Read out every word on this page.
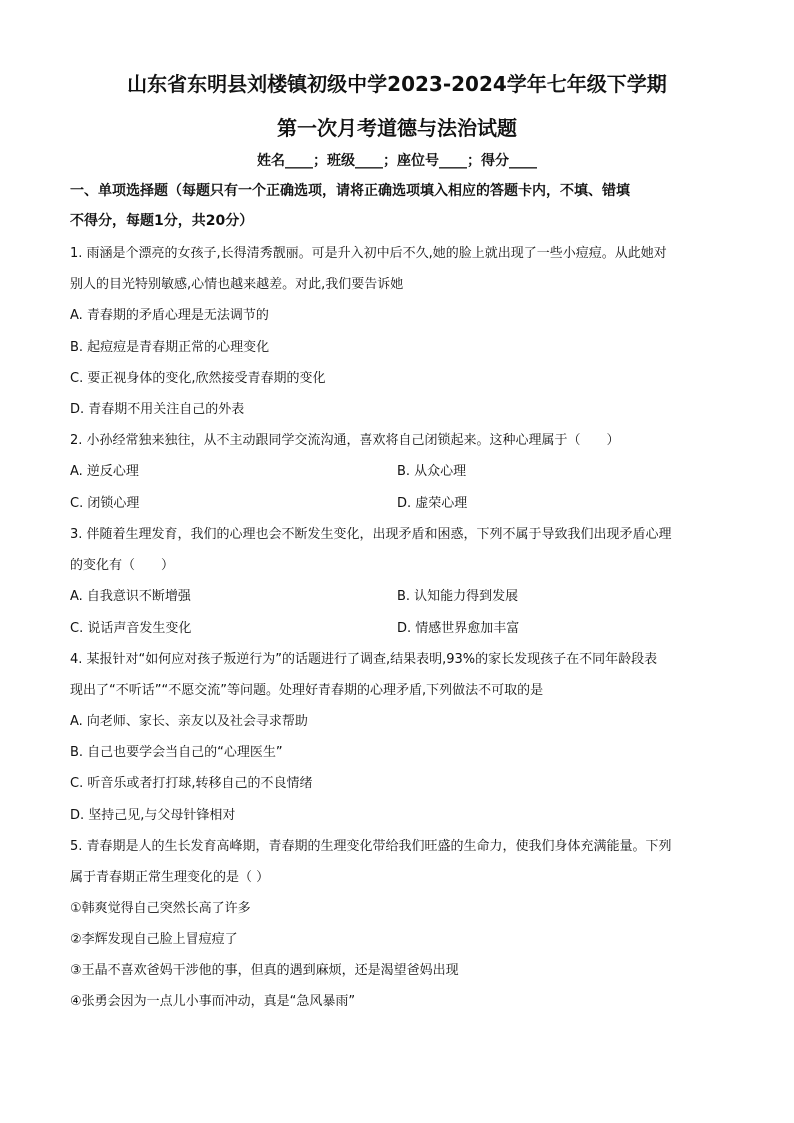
山东省东明县刘楼镇初级中学2023-2024学年七年级下学期
第一次月考道德与法治试题
姓名____；班级____；座位号____；得分____
一、单项选择题（每题只有一个正确选项，请将正确选项填入相应的答题卡内，不填、错填
不得分，每题1分，共20分）
1. 雨涵是个漂亮的女孩子,长得清秀靓丽。可是升入初中后不久,她的脸上就出现了一些小痘痘。从此她对
别人的目光特别敏感,心情也越来越差。对此,我们要告诉她
A. 青春期的矛盾心理是无法调节的
B. 起痘痘是青春期正常的心理变化
C. 要正视身体的变化,欣然接受青春期的变化
D. 青春期不用关注自己的外表
2. 小孙经常独来独往，从不主动跟同学交流沟通，喜欢将自己闭锁起来。这种心理属于（　　）
A. 逆反心理	B. 从众心理
C. 闭锁心理	D. 虚荣心理
3. 伴随着生理发育，我们的心理也会不断发生变化，出现矛盾和困惑，下列不属于导致我们出现矛盾心理
的变化有（　　）
A. 自我意识不断增强	B. 认知能力得到发展
C. 说话声音发生变化	D. 情感世界愈加丰富
4. 某报针对“如何应对孩子叛逆行为”的话题进行了调查,结果表明,93%的家长发现孩子在不同年龄段表
现出了“不听话”“不愿交流”等问题。处理好青春期的心理矛盾,下列做法不可取的是
A. 向老师、家长、亲友以及社会寻求帮助
B. 自己也要学会当自己的“心理医生”
C. 听音乐或者打打球,转移自己的不良情绪
D. 坚持己见,与父母针锋相对
5. 青春期是人的生长发育高峰期，青春期的生理变化带给我们旺盛的生命力，使我们身体充满能量。下列
属于青春期正常生理变化的是（ ）
①韩爽觉得自己突然长高了许多
②李辉发现自己脸上冒痘痘了
③王晶不喜欢爸妈干涉他的事，但真的遇到麻烦，还是渴望爸妈出现
④张勇会因为一点儿小事而冲动，真是“急风暴雨”
